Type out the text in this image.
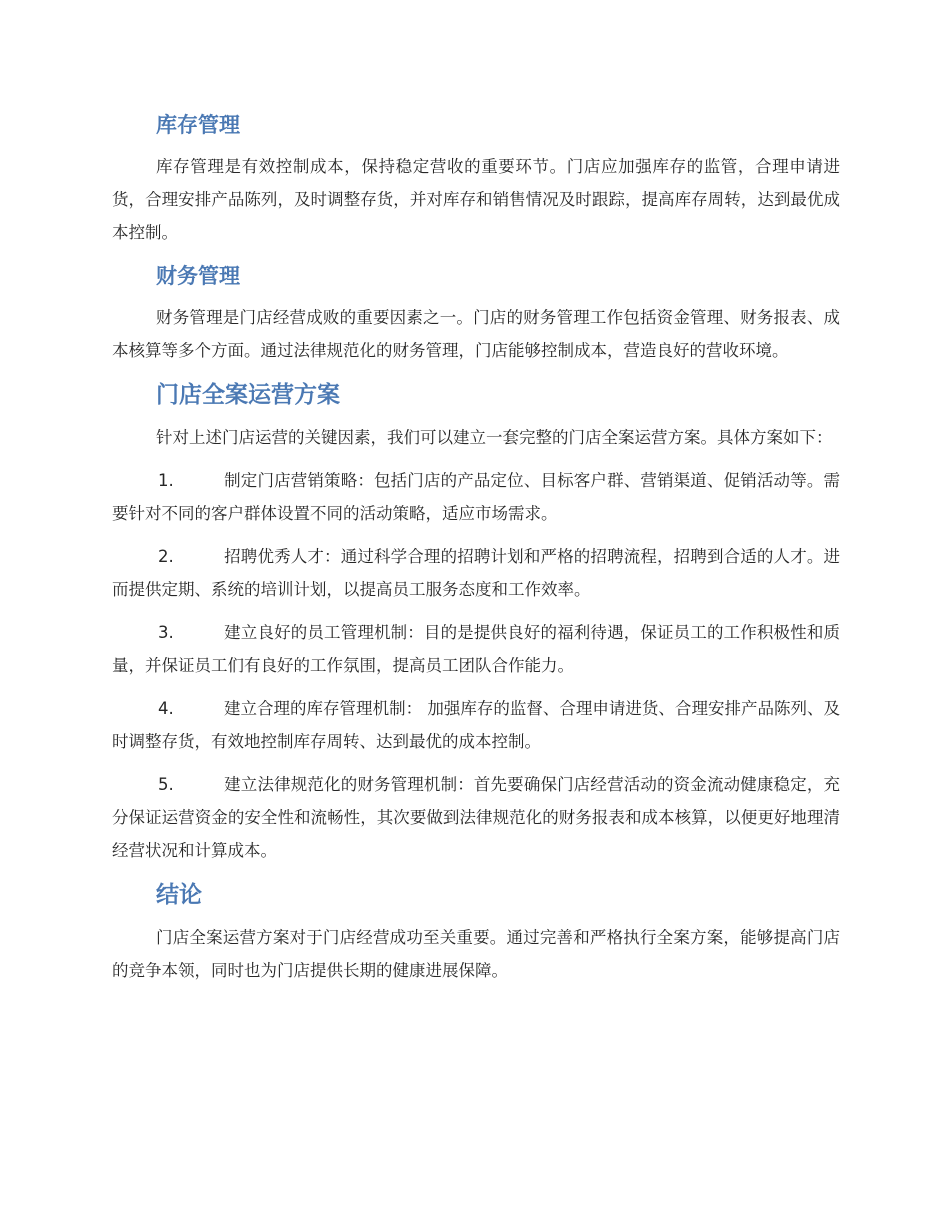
库存管理

库存管理是有效控制成本，保持稳定营收的重要环节。门店应加强库存的监管，合理申请进货，合理安排产品陈列，及时调整存货，并对库存和销售情况及时跟踪，提高库存周转，达到最优成本控制。

财务管理

财务管理是门店经营成败的重要因素之一。门店的财务管理工作包括资金管理、财务报表、成本核算等多个方面。通过法律规范化的财务管理，门店能够控制成本，营造良好的营收环境。

门店全案运营方案

针对上述门店运营的关键因素，我们可以建立一套完整的门店全案运营方案。具体方案如下：

1.	制定门店营销策略：包括门店的产品定位、目标客户群、营销渠道、促销活动等。需要针对不同的客户群体设置不同的活动策略，适应市场需求。
2.	招聘优秀人才：通过科学合理的招聘计划和严格的招聘流程，招聘到合适的人才。进而提供定期、系统的培训计划，以提高员工服务态度和工作效率。
3.	建立良好的员工管理机制：目的是提供良好的福利待遇，保证员工的工作积极性和质量，并保证员工们有良好的工作氛围，提高员工团队合作能力。
4.	建立合理的库存管理机制： 加强库存的监督、合理申请进货、合理安排产品陈列、及时调整存货，有效地控制库存周转、达到最优的成本控制。
5.	建立法律规范化的财务管理机制：首先要确保门店经营活动的资金流动健康稳定，充分保证运营资金的安全性和流畅性，其次要做到法律规范化的财务报表和成本核算，以便更好地理清经营状况和计算成本。
结论

门店全案运营方案对于门店经营成功至关重要。通过完善和严格执行全案方案，能够提高门店的竞争本领，同时也为门店提供长期的健康进展保障。
